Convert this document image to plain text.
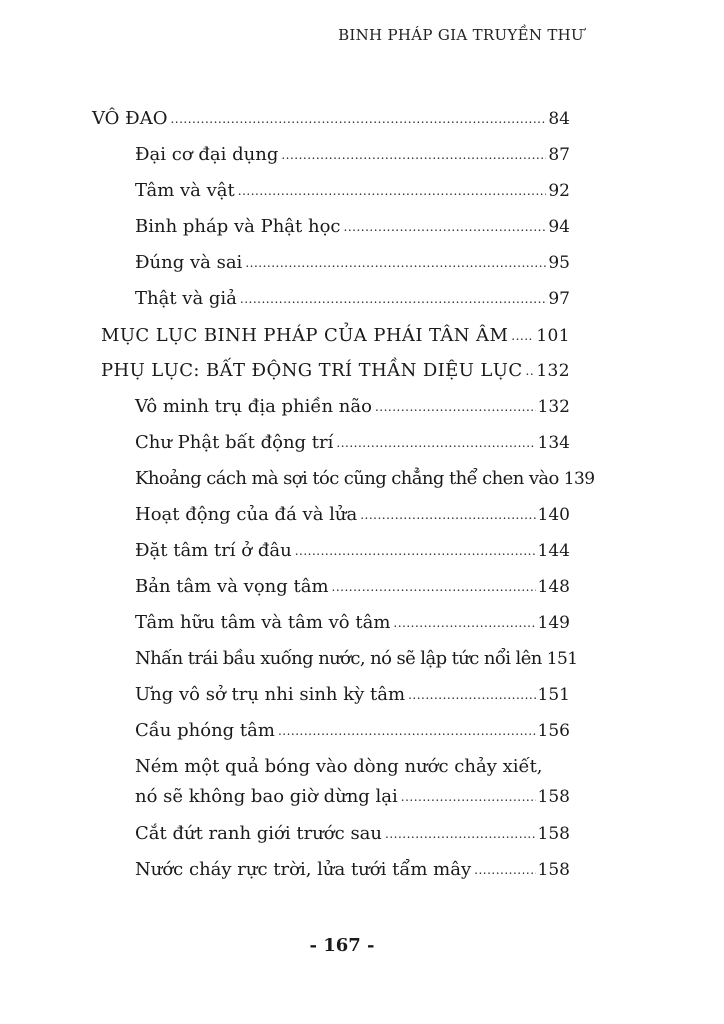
BINH PHÁP GIA TRUYỀN THƯ
VÔ ĐAO .....	84
Đại cơ đại dụng .....	87
Tâm và vật .....	92
Binh pháp và Phật học .....	94
Đúng và sai .....	95
Thật và giả .....	97
MỤC LỤC BINH PHÁP CỦA PHÁI TÂN ÂM ..... 101
PHỤ LỤC: BẤT ĐỘNG TRÍ THẦN DIỆU LỤC ..... 132
Vô minh trụ địa phiền não .....	132
Chư Phật bất động trí .....	134
Khoảng cách mà sợi tóc cũng chẳng thể chen vào 139
Hoạt động của đá và lửa .....	140
Đặt tâm trí ở đâu .....	144
Bản tâm và vọng tâm .....	148
Tâm hữu tâm và tâm vô tâm .....	149
Nhấn trái bầu xuống nước, nó sẽ lập tức nổi lên 151
Ưng vô sở trụ nhi sinh kỳ tâm .....	151
Cầu phóng tâm .....	156
Ném một quả bóng vào dòng nước chảy xiết,
nó sẽ không bao giờ dừng lại .....	158
Cắt đứt ranh giới trước sau .....	158
Nước cháy rực trời, lửa tưới tẩm mây .....	158
- 167 -
